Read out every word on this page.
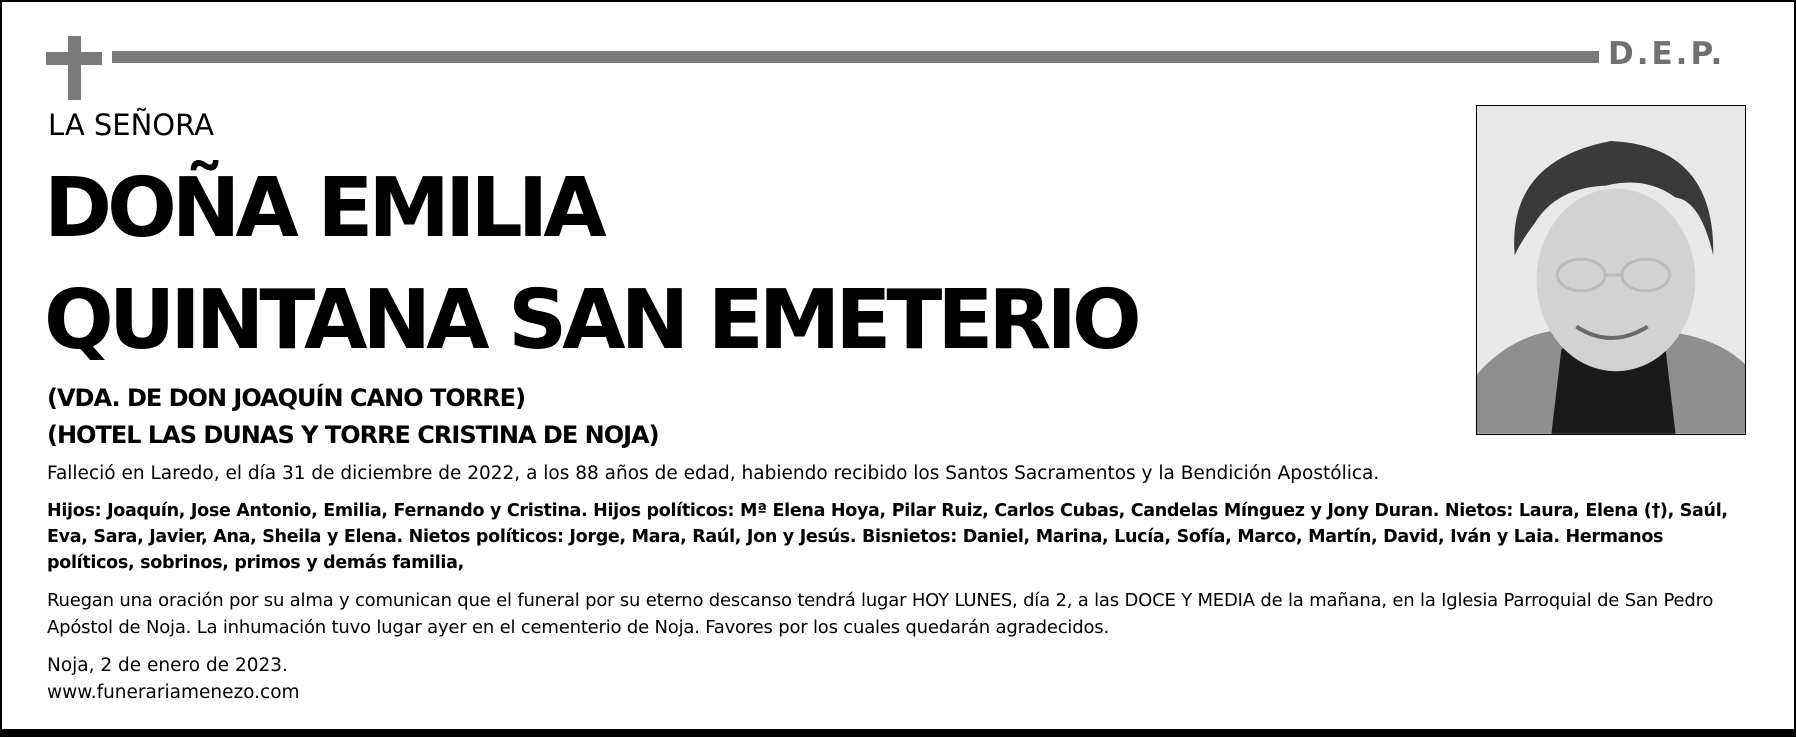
D.E.P.
LA SEÑORA
DOÑA EMILIA
QUINTANA SAN EMETERIO
(VDA. DE DON JOAQUÍN CANO TORRE)
(HOTEL LAS DUNAS Y TORRE CRISTINA DE NOJA)
Falleció en Laredo, el día 31 de diciembre de 2022, a los 88 años de edad, habiendo recibido los Santos Sacramentos y la Bendición Apostólica.
Hijos: Joaquín, Jose Antonio, Emilia, Fernando y Cristina. Hijos políticos: Mª Elena Hoya, Pilar Ruiz, Carlos Cubas, Candelas Mínguez y Jony Duran. Nietos: Laura, Elena (†), Saúl, Eva, Sara, Javier, Ana, Sheila y Elena. Nietos políticos: Jorge, Mara, Raúl, Jon y Jesús. Bisnietos: Daniel, Marina, Lucía, Sofía, Marco, Martín, David, Iván y Laia. Hermanos políticos, sobrinos, primos y demás familia,
Ruegan una oración por su alma y comunican que el funeral por su eterno descanso tendrá lugar HOY LUNES, día 2, a las DOCE Y MEDIA de la mañana, en la Iglesia Parroquial de San Pedro Apóstol de Noja. La inhumación tuvo lugar ayer en el cementerio de Noja. Favores por los cuales quedarán agradecidos.
Noja, 2 de enero de 2023.
www.funerariamenezo.com
